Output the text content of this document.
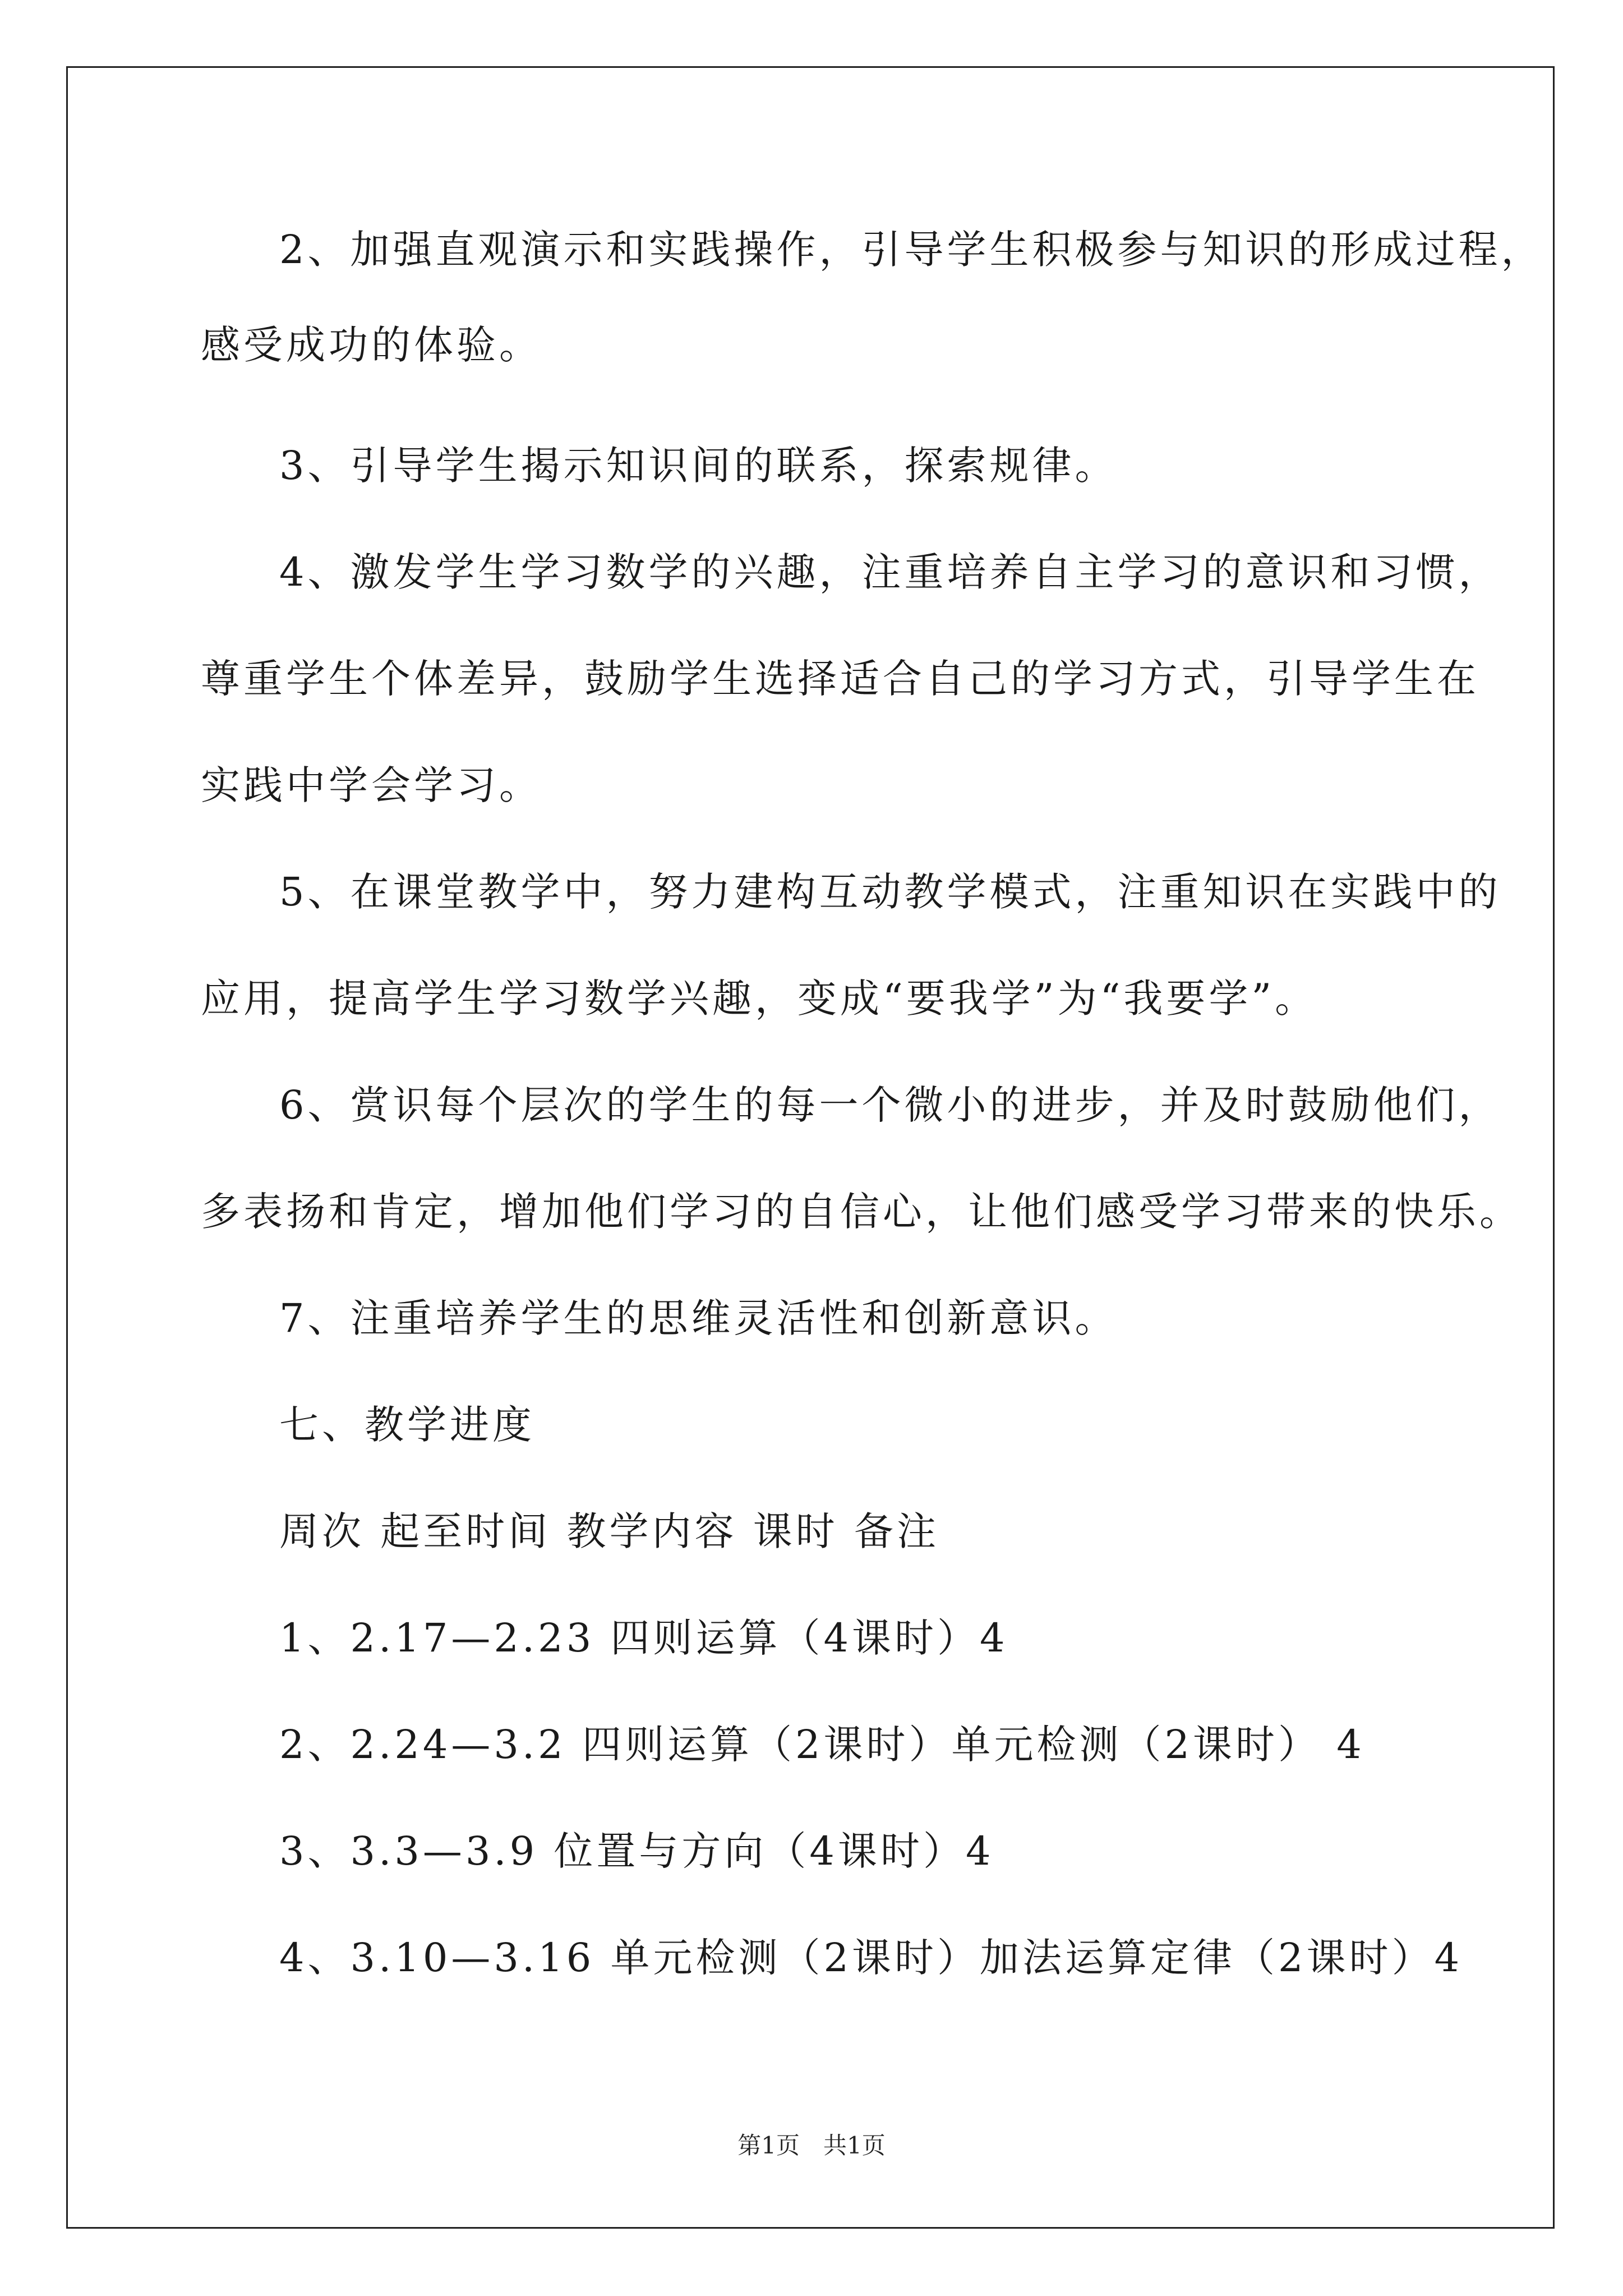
2、加强直观演示和实践操作，引导学生积极参与知识的形成过程，
感受成功的体验。
3、引导学生揭示知识间的联系，探索规律。
4、激发学生学习数学的兴趣，注重培养自主学习的意识和习惯，
尊重学生个体差异，鼓励学生选择适合自己的学习方式，引导学生在
实践中学会学习。
5、在课堂教学中，努力建构互动教学模式，注重知识在实践中的
应用，提高学生学习数学兴趣，变成“要我学”为“我要学”。
6、赏识每个层次的学生的每一个微小的进步，并及时鼓励他们，
多表扬和肯定，增加他们学习的自信心，让他们感受学习带来的快乐。
7、注重培养学生的思维灵活性和创新意识。
七、教学进度
周次 起至时间 教学内容 课时 备注
1、2.17—2.23 四则运算（4课时）4
2、2.24—3.2 四则运算（2课时）单元检测（2课时） 4
3、3.3—3.9 位置与方向（4课时）4
4、3.10—3.16 单元检测（2课时）加法运算定律（2课时）4
第1页　共1页
